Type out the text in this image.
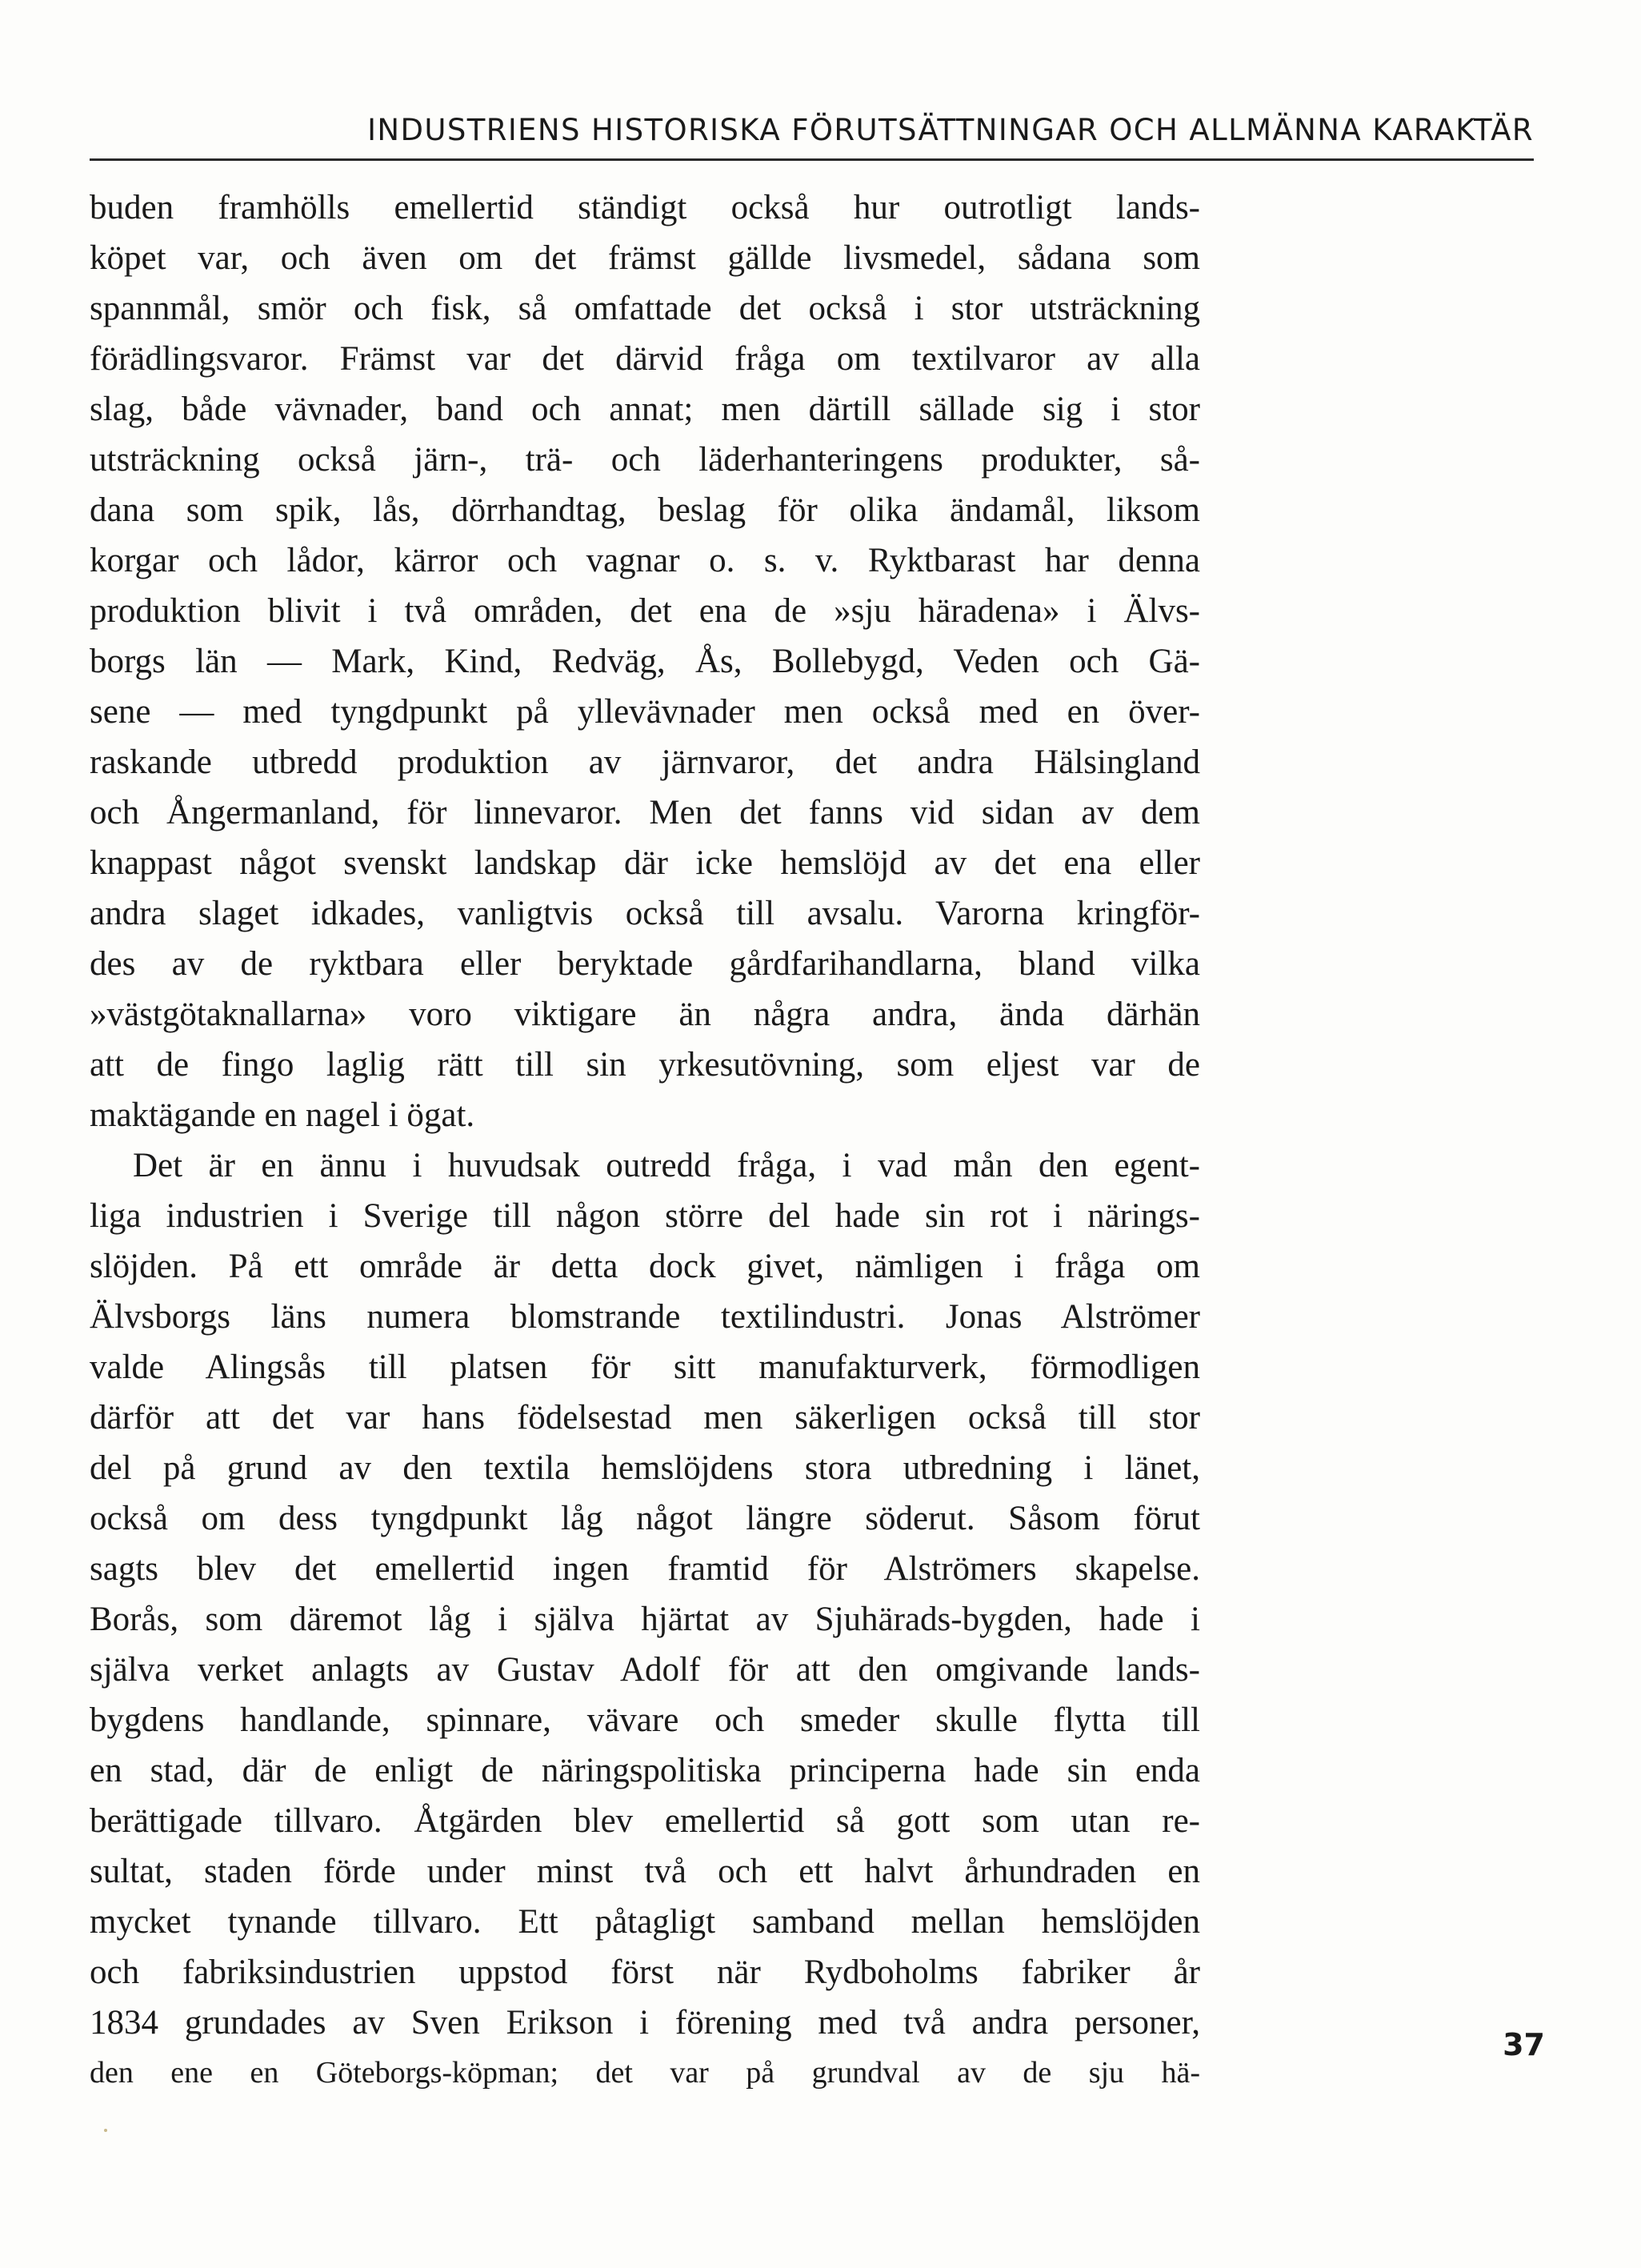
INDUSTRIENS HISTORISKA FÖRUTSÄTTNINGAR OCH ALLMÄNNA KARAKTÄR
buden framhölls emellertid ständigt också hur outrotligt lands-
köpet var, och även om det främst gällde livsmedel, sådana som
spannmål, smör och fisk, så omfattade det också i stor utsträckning
förädlingsvaror. Främst var det därvid fråga om textilvaror av alla
slag, både vävnader, band och annat; men därtill sällade sig i stor
utsträckning också järn-, trä- och läderhanteringens produkter, så-
dana som spik, lås, dörrhandtag, beslag för olika ändamål, liksom
korgar och lådor, kärror och vagnar o. s. v. Ryktbarast har denna
produktion blivit i två områden, det ena de »sju häradena» i Älvs-
borgs län — Mark, Kind, Redväg, Ås, Bollebygd, Veden och Gä-
sene — med tyngdpunkt på yllevävnader men också med en över-
raskande utbredd produktion av järnvaror, det andra Hälsingland
och Ångermanland, för linnevaror. Men det fanns vid sidan av dem
knappast något svenskt landskap där icke hemslöjd av det ena eller
andra slaget idkades, vanligtvis också till avsalu. Varorna kringför-
des av de ryktbara eller beryktade gårdfarihandlarna, bland vilka
»västgötaknallarna» voro viktigare än några andra, ända därhän
att de fingo laglig rätt till sin yrkesutövning, som eljest var de
maktägande en nagel i ögat.
Det är en ännu i huvudsak outredd fråga, i vad mån den egent-
liga industrien i Sverige till någon större del hade sin rot i närings-
slöjden. På ett område är detta dock givet, nämligen i fråga om
Älvsborgs läns numera blomstrande textilindustri. Jonas Alströmer
valde Alingsås till platsen för sitt manufakturverk, förmodligen
därför att det var hans födelsestad men säkerligen också till stor
del på grund av den textila hemslöjdens stora utbredning i länet,
också om dess tyngdpunkt låg något längre söderut. Såsom förut
sagts blev det emellertid ingen framtid för Alströmers skapelse.
Borås, som däremot låg i själva hjärtat av Sjuhärads-bygden, hade i
själva verket anlagts av Gustav Adolf för att den omgivande lands-
bygdens handlande, spinnare, vävare och smeder skulle flytta till
en stad, där de enligt de näringspolitiska principerna hade sin enda
berättigade tillvaro. Åtgärden blev emellertid så gott som utan re-
sultat, staden förde under minst två och ett halvt århundraden en
mycket tynande tillvaro. Ett påtagligt samband mellan hemslöjden
och fabriksindustrien uppstod först när Rydboholms fabriker år
1834 grundades av Sven Erikson i förening med två andra personer,
den ene en Göteborgs-köpman; det var på grundval av de sju hä-
37
